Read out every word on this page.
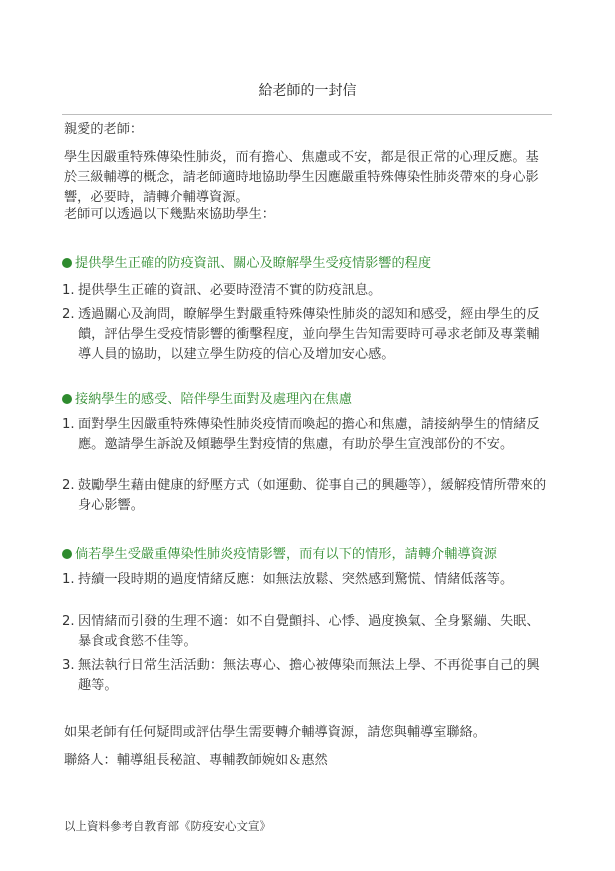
給老師的一封信
親愛的老師：
學生因嚴重特殊傳染性肺炎，而有擔心、焦慮或不安，都是很正常的心理反應。基於三級輔導的概念，請老師適時地協助學生因應嚴重特殊傳染性肺炎帶來的身心影響，必要時，請轉介輔導資源。
老師可以透過以下幾點來協助學生：
提供學生正確的防疫資訊、關心及瞭解學生受疫情影響的程度
1. 提供學生正確的資訊、必要時澄清不實的防疫訊息。
2. 透過關心及詢問，瞭解學生對嚴重特殊傳染性肺炎的認知和感受，經由學生的反饋，評估學生受疫情影響的衝擊程度，並向學生告知需要時可尋求老師及專業輔導人員的協助，以建立學生防疫的信心及增加安心感。
接納學生的感受、陪伴學生面對及處理內在焦慮
1. 面對學生因嚴重特殊傳染性肺炎疫情而喚起的擔心和焦慮，請接納學生的情緒反應。邀請學生訴說及傾聽學生對疫情的焦慮，有助於學生宣洩部份的不安。
2. 鼓勵學生藉由健康的紓壓方式（如運動、從事自己的興趣等），緩解疫情所帶來的身心影響。
倘若學生受嚴重傳染性肺炎疫情影響，而有以下的情形，請轉介輔導資源
1. 持續一段時期的過度情緒反應：如無法放鬆、突然感到驚慌、情緒低落等。
2. 因情緒而引發的生理不適：如不自覺顫抖、心悸、過度換氣、全身緊繃、失眠、暴食或食慾不佳等。
3. 無法執行日常生活活動：無法專心、擔心被傳染而無法上學、不再從事自己的興趣等。
如果老師有任何疑問或評估學生需要轉介輔導資源，請您與輔導室聯絡。
聯絡人：輔導組長秘誼、專輔教師婉如＆惠然
以上資料參考自教育部《防疫安心文宣》
